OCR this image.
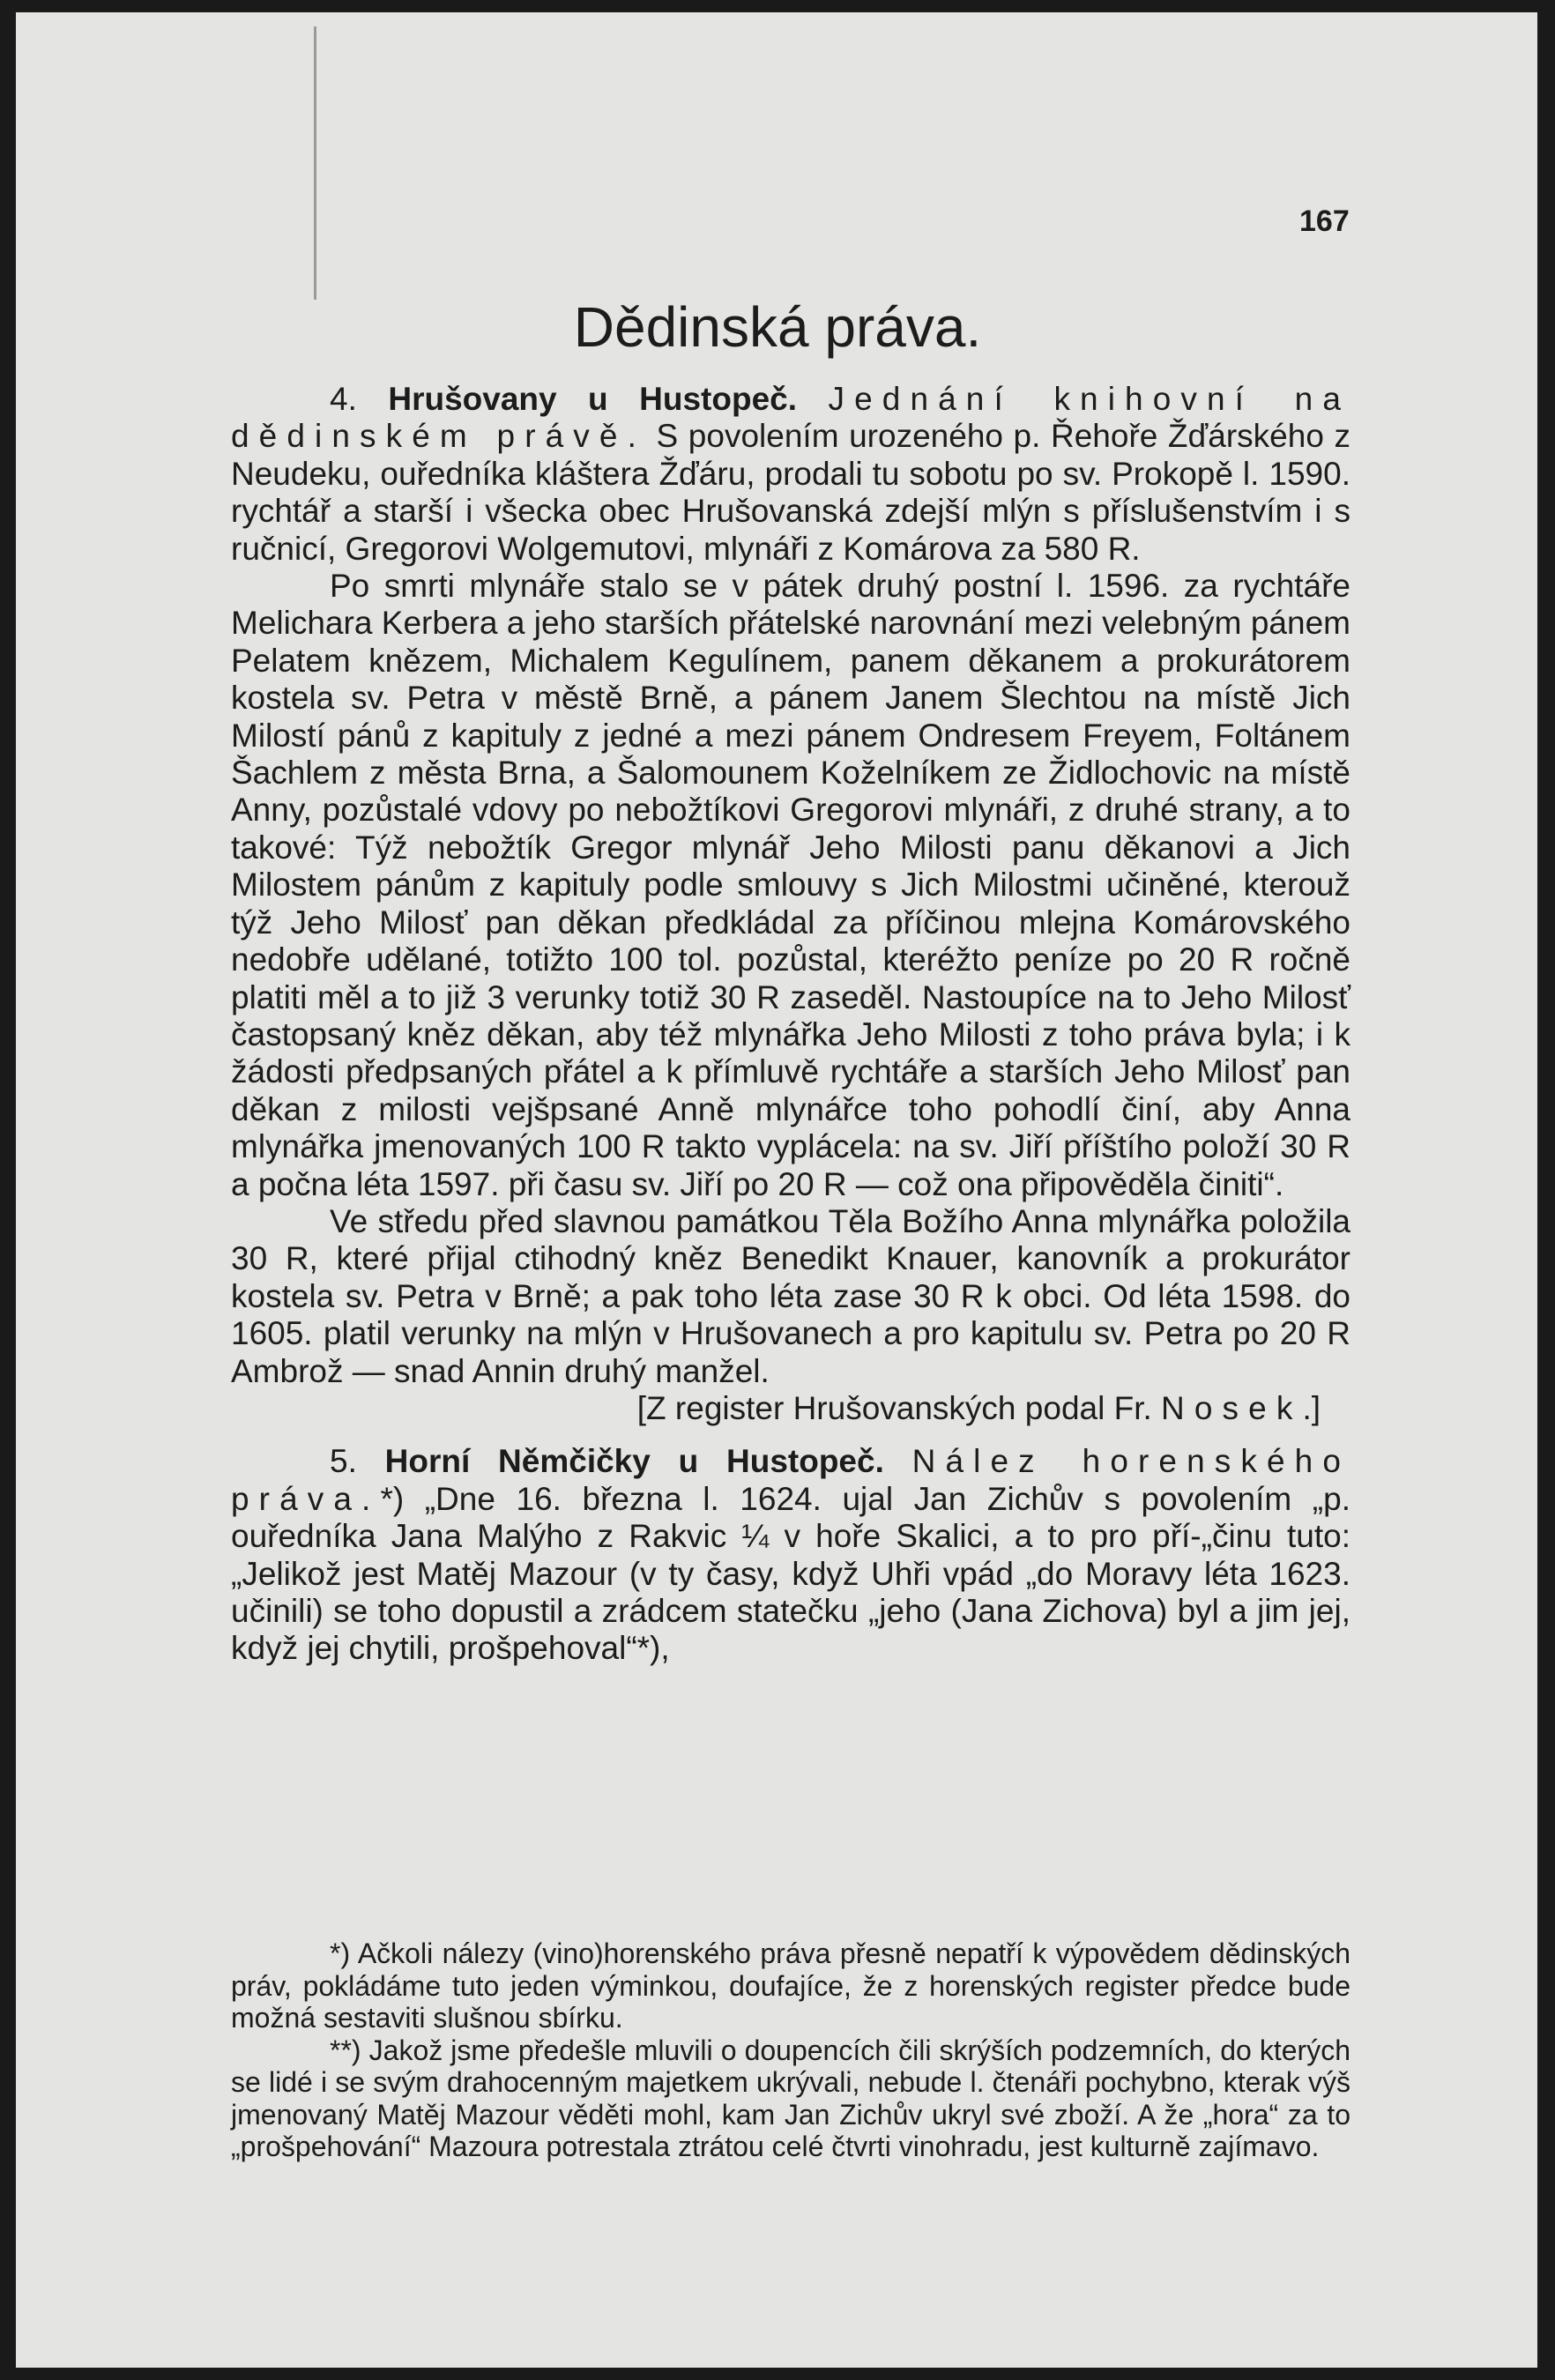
167
Dědinská práva.

4. Hrušovany u Hustopeč. Jednání knihovní na dědinském právě. S povolením urozeného p. Řehoře Žďárského z Neudeku, ouředníka kláštera Žďáru, prodali tu sobotu po sv. Prokopě l. 1590. rychtář a starší i všecka obec Hrušovanská zdejší mlýn s příslušenstvím i s ručnicí, Gregorovi Wolgemutovi, mlynáři z Komárova za 580 R.

Po smrti mlynáře stalo se v pátek druhý postní l. 1596. za rychtáře Melichara Kerbera a jeho starších přátelské narovnání mezi velebným pánem Pelatem knězem, Michalem Kegulínem, panem děkanem a prokurátorem kostela sv. Petra v městě Brně, a pánem Janem Šlechtou na místě Jich Milostí pánů z kapituly z jedné a mezi pánem Ondresem Freyem, Foltánem Šachlem z města Brna, a Šalomounem Koželníkem ze Židlochovic na místě Anny, pozůstalé vdovy po nebožtíkovi Gregorovi mlynáři, z druhé strany, a to takové: Týž nebožtík Gregor mlynář Jeho Milosti panu děkanovi a Jich Milostem pánům z kapituly podle smlouvy s Jich Milostmi učiněné, kterouž týž Jeho Milosť pan děkan předkládal za příčinou mlejna Komárovského nedobře udělané, totižto 100 tol. pozůstal, kteréžto peníze po 20 R ročně platiti měl a to již 3 verunky totiž 30 R zaseděl. Nastoupíce na to Jeho Milosť častopsaný kněz děkan, aby též mlynářka Jeho Milosti z toho práva byla; i k žádosti předpsaných přátel a k přímluvě rychtáře a starších Jeho Milosť pan děkan z milosti vejšpsané Anně mlynářce toho pohodlí činí, aby Anna mlynářka jmenovaných 100 R takto vyplácela: na sv. Jiří příštího položí 30 R a počna léta 1597. při času sv. Jiří po 20 R — což ona připověděla činiti“.

Ve středu před slavnou památkou Těla Božího Anna mlynářka položila 30 R, které přijal ctihodný kněz Benedikt Knauer, kanovník a prokurátor kostela sv. Petra v Brně; a pak toho léta zase 30 R k obci. Od léta 1598. do 1605. platil verunky na mlýn v Hrušovanech a pro kapitulu sv. Petra po 20 R Ambrož — snad Annin druhý manžel.

[Z register Hrušovanských podal Fr. Nosek.]

5. Horní Němčičky u Hustopeč. Nález horenského práva.*) „Dne 16. března l. 1624. ujal Jan Zichův s povolením „p. ouředníka Jana Malýho z Rakvic ¼ v hoře Skalici, a to pro pří-„činu tuto: „Jelikož jest Matěj Mazour (v ty časy, když Uhři vpád „do Moravy léta 1623. učinili) se toho dopustil a zrádcem statečku „jeho (Jana Zichova) byl a jim jej, když jej chytili, prošpehoval“*),

*) Ačkoli nálezy (vino)horenského práva přesně nepatří k výpovědem dědinských práv, pokládáme tuto jeden výminkou, doufajíce, že z horenských register předce bude možná sestaviti slušnou sbírku.

**) Jakož jsme předešle mluvili o doupencích čili skrýších podzemních, do kterých se lidé i se svým drahocenným majetkem ukrývali, nebude l. čtenáři pochybno, kterak výš jmenovaný Matěj Mazour věděti mohl, kam Jan Zichův ukryl své zboží. A že „hora“ za to „prošpehování“ Mazoura potrestala ztrátou celé čtvrti vinohradu, jest kulturně zajímavo.
